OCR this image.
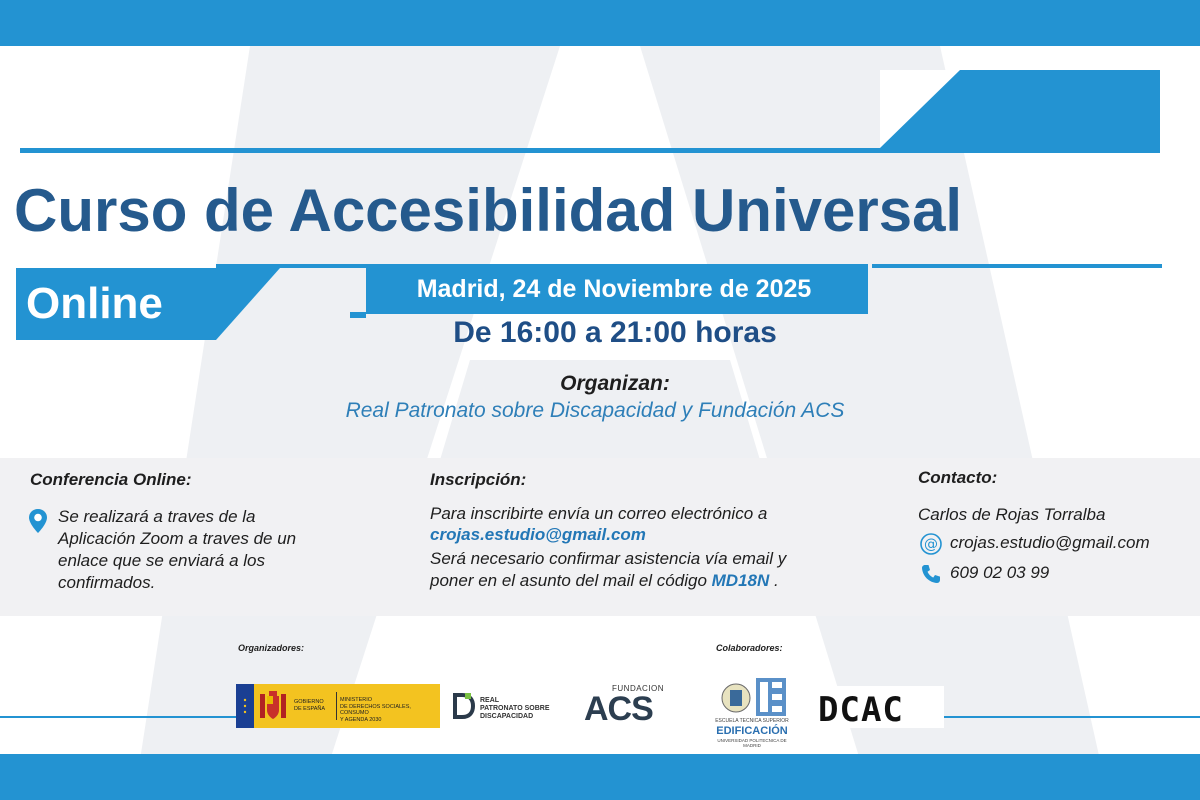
Curso de Accesibilidad Universal
Online	Madrid, 24 de Noviembre de 2025
De 16:00 a 21:00 horas
Organizan:
Real Patronato sobre Discapacidad y Fundación ACS
Conferencia Online:
Se realizará a traves de la
Aplicación Zoom a traves de un
enlace que se enviará a los
confirmados.
Inscripción:
Para inscribirte envía un correo electrónico a
crojas.estudio@gmail.com
Será necesario confirmar asistencia vía email y
poner en el asunto del mail el código MD18N .
Contacto:
Carlos de Rojas Torralba
@ crojas.estudio@gmail.com
609 02 03 99
Organizadores:	Colaboradores:
GOBIERNO
DE ESPAÑA
MINISTERIO
DE DERECHOS SOCIALES, CONSUMO
Y AGENDA 2030
REAL
PATRONATO SOBRE
DISCAPACIDAD
FUNDACION
ACS	ESCUELA TECNICA SUPERIOR
EDIFICACIÓN
UNIVERSIDAD POLITECNICA DE MADRID
DCAC
